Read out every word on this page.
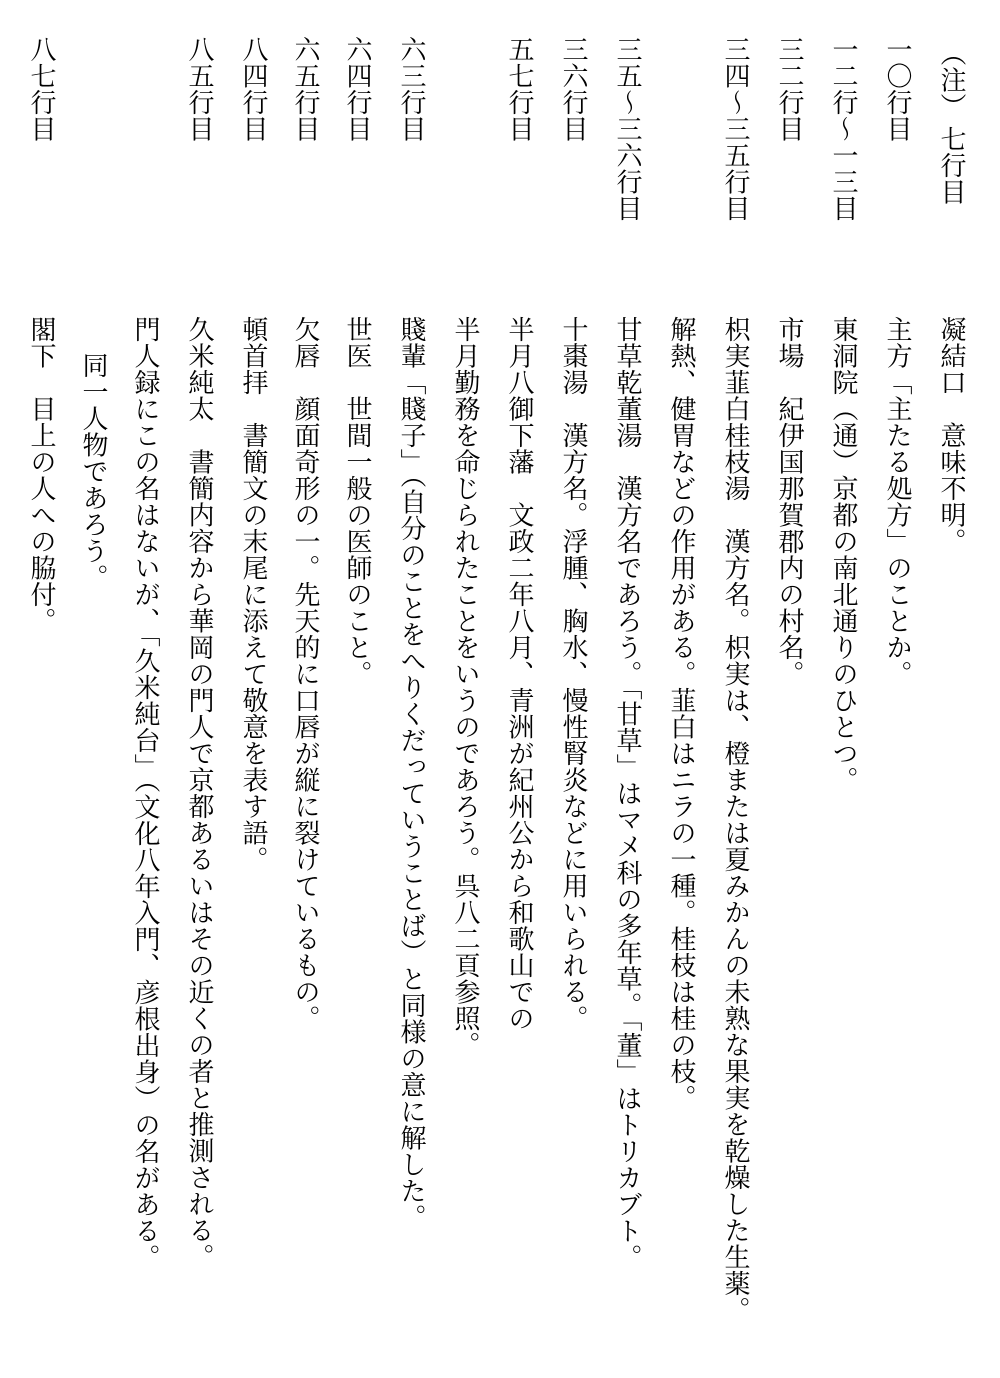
（注）七行目
凝結口　意味不明。
一〇行目
主方「主たる処方」のことか。
一二行～一三目
東洞院（通）京都の南北通りのひとつ。
三二行目
市場　紀伊国那賀郡内の村名。
三四～三五行目
枳実韮白桂枝湯　漢方名。枳実は、橙または夏みかんの未熟な果実を乾燥した生薬。
解熱、健胃などの作用がある。韮白はニラの一種。桂枝は桂の枝。
三五～三六行目
甘草乾董湯　漢方名であろう。「甘草」はマメ科の多年草。「董」はトリカブト。
三六行目
十棗湯　漢方名。浮腫、胸水、慢性腎炎などに用いられる。
五七行目
半月八御下藩　文政二年八月、青洲が紀州公から和歌山での
半月勤務を命じられたことをいうのであろう。呉八二頁参照。
六三行目
賤輩「賤子」（自分のことをへりくだっていうことば）と同様の意に解した。
六四行目
世医　世間一般の医師のこと。
六五行目
欠唇　顔面奇形の一。先天的に口唇が縦に裂けているもの。
八四行目
頓首拝　書簡文の末尾に添えて敬意を表す語。
八五行目
久米純太　書簡内容から華岡の門人で京都あるいはその近くの者と推測される。
門人録にこの名はないが、「久米純台」（文化八年入門、彦根出身）の名がある。
八七行目
閣下　目上の人への脇付。 同一人物であろう。
